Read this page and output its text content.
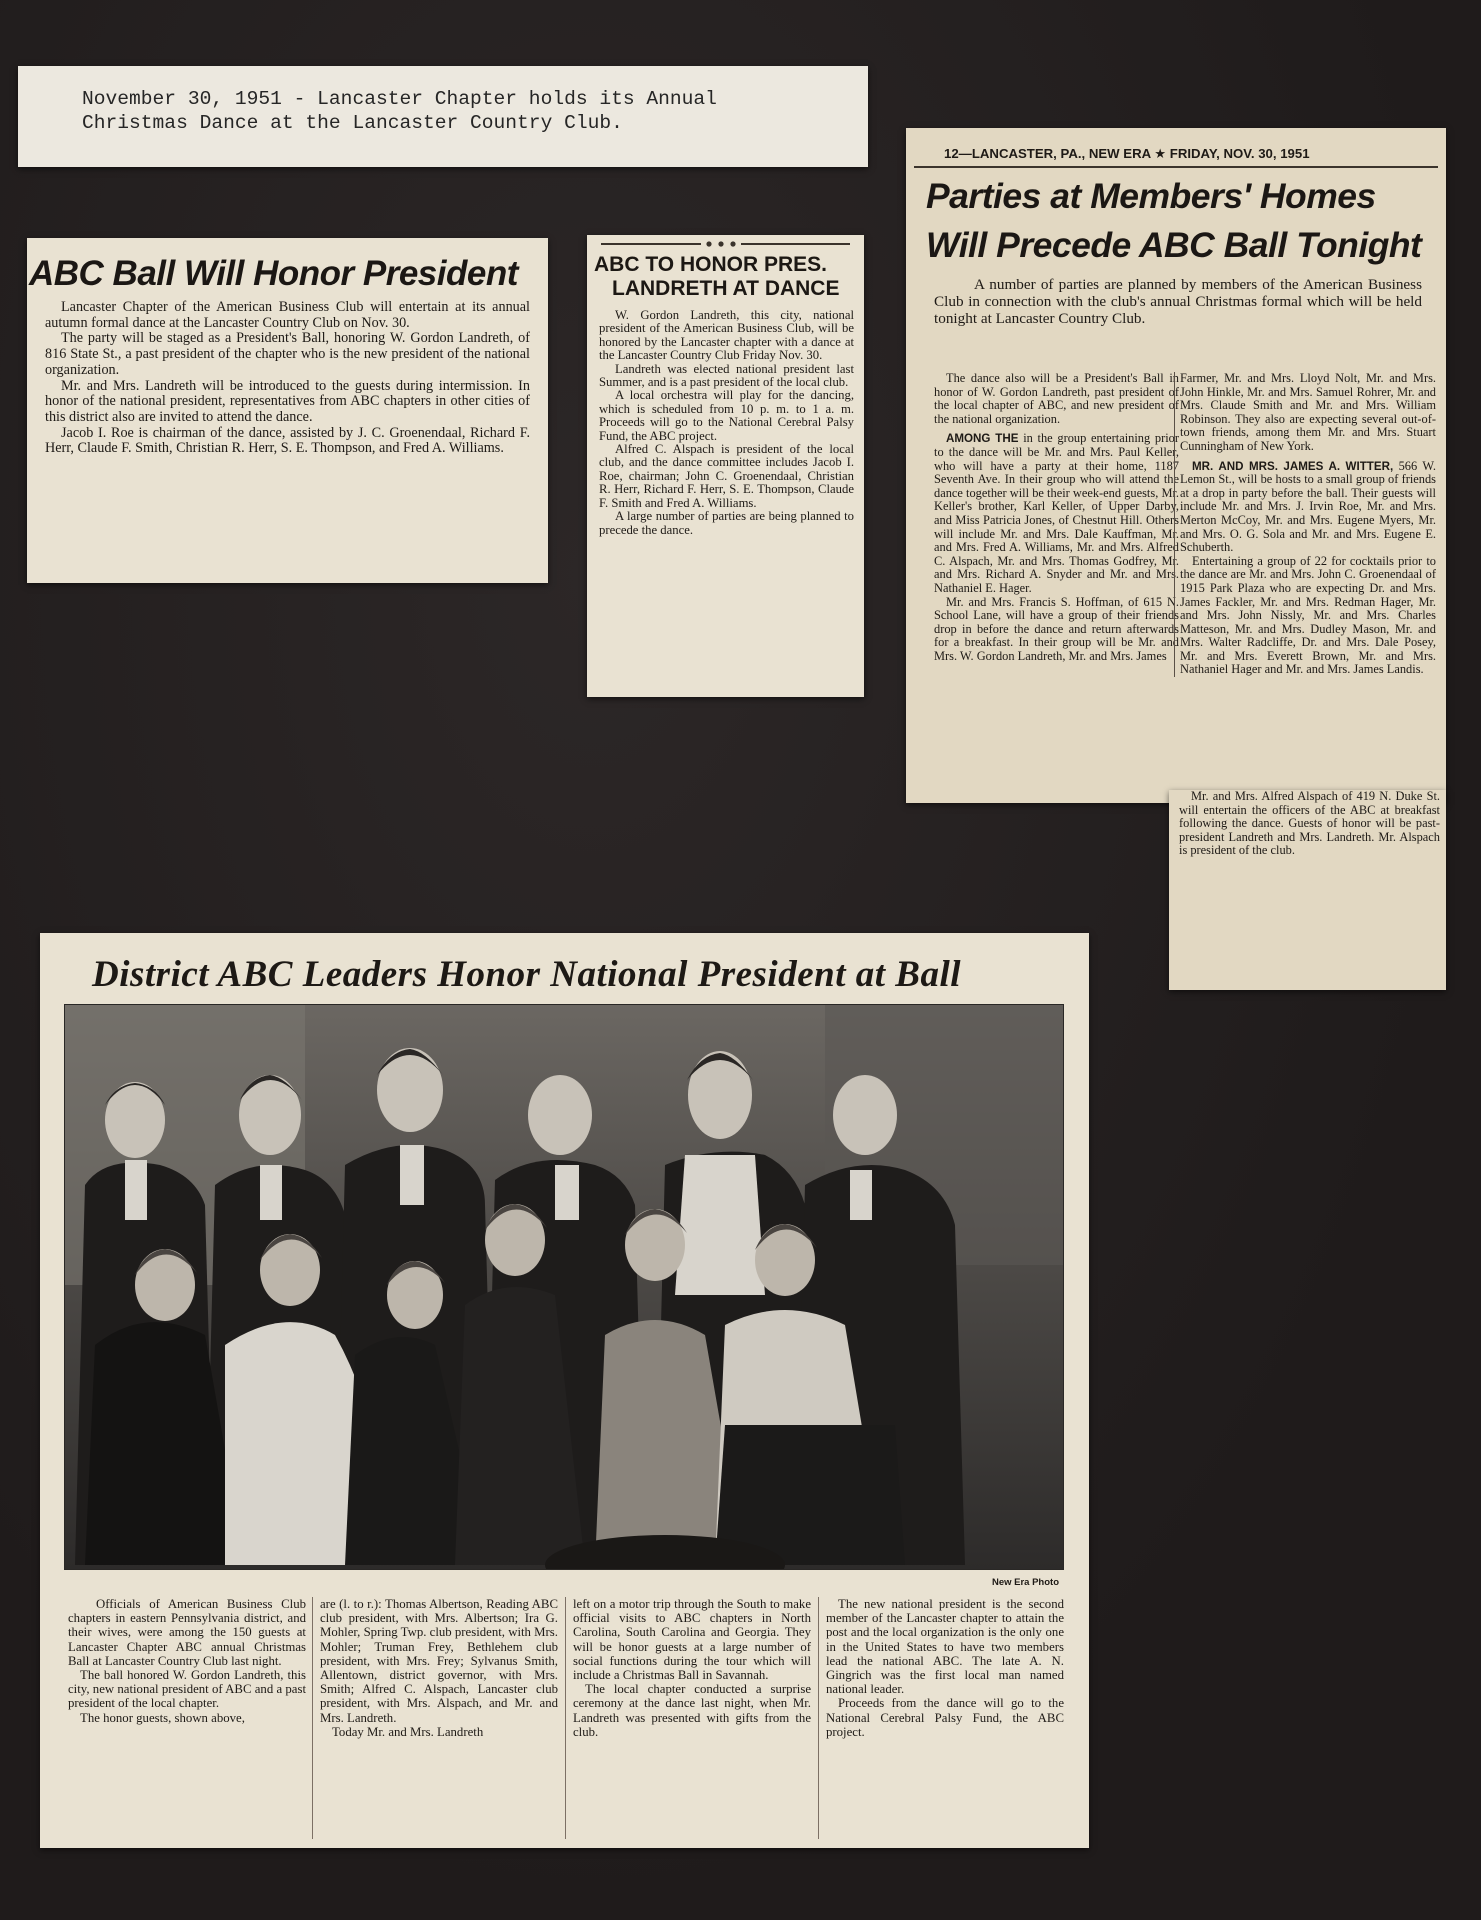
November 30, 1951 - Lancaster Chapter holds its Annual
Christmas Dance at the Lancaster Country Club.
ABC Ball Will Honor President

Lancaster Chapter of the American Business Club will entertain at its annual autumn formal dance at the Lancaster Country Club on Nov. 30.

The party will be staged as a President's Ball, honoring W. Gordon Landreth, of 816 State St., a past president of the chapter who is the new president of the national organization.

Mr. and Mrs. Landreth will be introduced to the guests during intermission. In honor of the national president, representatives from ABC chapters in other cities of this district also are invited to attend the dance.

Jacob I. Roe is chairman of the dance, assisted by J. C. Groenendaal, Richard F. Herr, Claude F. Smith, Christian R. Herr, S. E. Thompson, and Fred A. Williams.

ABC TO HONOR PRES.
LANDRETH AT DANCE

W. Gordon Landreth, this city, national president of the American Business Club, will be honored by the Lancaster chapter with a dance at the Lancaster Country Club Friday Nov. 30.

Landreth was elected national president last Summer, and is a past president of the local club.

A local orchestra will play for the dancing, which is scheduled from 10 p. m. to 1 a. m. Proceeds will go to the National Cerebral Palsy Fund, the ABC project.

Alfred C. Alspach is president of the local club, and the dance committee includes Jacob I. Roe, chairman; John C. Groenendaal, Christian R. Herr, Richard F. Herr, S. E. Thompson, Claude F. Smith and Fred A. Williams.

A large number of parties are being planned to precede the dance.

12—LANCASTER, PA., NEW ERA ★ FRIDAY, NOV. 30, 1951
Parties at Members' Homes
Will Precede ABC Ball Tonight

A number of parties are planned by members of the American Business Club in connection with the club's annual Christmas formal which will be held tonight at Lancaster Country Club.

The dance also will be a President's Ball in honor of W. Gordon Landreth, past president of the local chapter of ABC, and new president of the national organization.

AMONG THE in the group entertaining prior to the dance will be Mr. and Mrs. Paul Keller, who will have a party at their home, 1187 Seventh Ave. In their group who will attend the dance together will be their week-end guests, Mr. Keller's brother, Karl Keller, of Upper Darby, and Miss Patricia Jones, of Chestnut Hill. Others will include Mr. and Mrs. Dale Kauffman, Mr. and Mrs. Fred A. Williams, Mr. and Mrs. Alfred C. Alspach, Mr. and Mrs. Thomas Godfrey, Mr. and Mrs. Richard A. Snyder and Mr. and Mrs. Nathaniel E. Hager.

Mr. and Mrs. Francis S. Hoffman, of 615 N. School Lane, will have a group of their friends drop in before the dance and return afterwards for a breakfast. In their group will be Mr. and Mrs. W. Gordon Landreth, Mr. and Mrs. James

Farmer, Mr. and Mrs. Lloyd Nolt, Mr. and Mrs. John Hinkle, Mr. and Mrs. Samuel Rohrer, Mr. and Mrs. Claude Smith and Mr. and Mrs. William Robinson. They also are expecting several out-of-town friends, among them Mr. and Mrs. Stuart Cunningham of New York.

MR. AND MRS. JAMES A. WITTER, 566 W. Lemon St., will be hosts to a small group of friends at a drop in party before the ball. Their guests will include Mr. and Mrs. J. Irvin Roe, Mr. and Mrs. Merton McCoy, Mr. and Mrs. Eugene Myers, Mr. and Mrs. O. G. Sola and Mr. and Mrs. Eugene E. Schuberth.

Entertaining a group of 22 for cocktails prior to the dance are Mr. and Mrs. John C. Groenendaal of 1915 Park Plaza who are expecting Dr. and Mrs. James Fackler, Mr. and Mrs. Redman Hager, Mr. and Mrs. John Nissly, Mr. and Mrs. Charles Matteson, Mr. and Mrs. Dudley Mason, Mr. and Mrs. Walter Radcliffe, Dr. and Mrs. Dale Posey, Mr. and Mrs. Everett Brown, Mr. and Mrs. Nathaniel Hager and Mr. and Mrs. James Landis.

Mr. and Mrs. Alfred Alspach of 419 N. Duke St. will entertain the officers of the ABC at breakfast following the dance. Guests of honor will be past-president Landreth and Mrs. Landreth. Mr. Alspach is president of the club.

District ABC Leaders Honor National President at Ball
New Era Photo

Officials of American Business Club chapters in eastern Pennsylvania district, and their wives, were among the 150 guests at Lancaster Chapter ABC annual Christmas Ball at Lancaster Country Club last night.

The ball honored W. Gordon Landreth, this city, new national president of ABC and a past president of the local chapter.

The honor guests, shown above,

are (l. to r.): Thomas Albertson, Reading ABC club president, with Mrs. Albertson; Ira G. Mohler, Spring Twp. club president, with Mrs. Mohler; Truman Frey, Bethlehem club president, with Mrs. Frey; Sylvanus Smith, Allentown, district governor, with Mrs. Smith; Alfred C. Alspach, Lancaster club president, with Mrs. Alspach, and Mr. and Mrs. Landreth.

Today Mr. and Mrs. Landreth

left on a motor trip through the South to make official visits to ABC chapters in North Carolina, South Carolina and Georgia. They will be honor guests at a large number of social functions during the tour which will include a Christmas Ball in Savannah.

The local chapter conducted a surprise ceremony at the dance last night, when Mr. Landreth was presented with gifts from the club.

The new national president is the second member of the Lancaster chapter to attain the post and the local organization is the only one in the United States to have two members lead the national ABC. The late A. N. Gingrich was the first local man named national leader.

Proceeds from the dance will go to the National Cerebral Palsy Fund, the ABC project.
